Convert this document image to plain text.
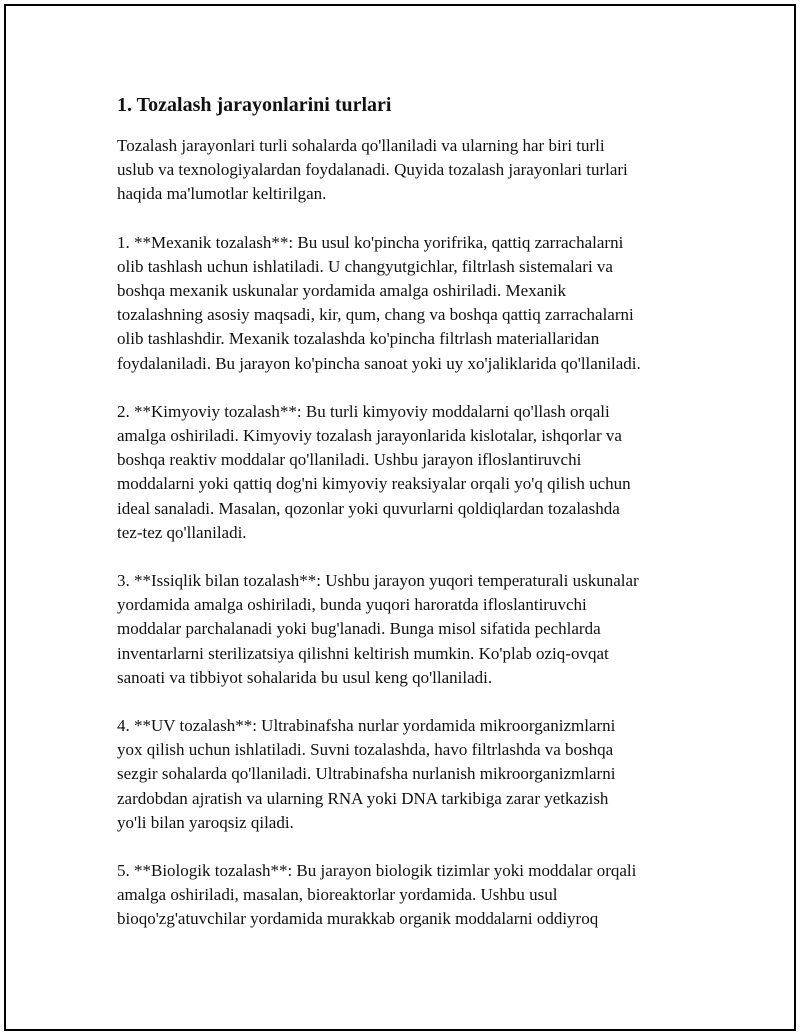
1. Tozalash jarayonlarini turlari

Tozalash jarayonlari turli sohalarda qo'llaniladi va ularning har biri turli
uslub va texnologiyalardan foydalanadi. Quyida tozalash jarayonlari turlari
haqida ma'lumotlar keltirilgan.

1. **Mexanik tozalash**: Bu usul ko'pincha yorifrika, qattiq zarrachalarni
olib tashlash uchun ishlatiladi. U changyutgichlar, filtrlash sistemalari va
boshqa mexanik uskunalar yordamida amalga oshiriladi. Mexanik
tozalashning asosiy maqsadi, kir, qum, chang va boshqa qattiq zarrachalarni
olib tashlashdir. Mexanik tozalashda ko'pincha filtrlash materiallaridan
foydalaniladi. Bu jarayon ko'pincha sanoat yoki uy xo'jaliklarida qo'llaniladi.

2. **Kimyoviy tozalash**: Bu turli kimyoviy moddalarni qo'llash orqali
amalga oshiriladi. Kimyoviy tozalash jarayonlarida kislotalar, ishqorlar va
boshqa reaktiv moddalar qo'llaniladi. Ushbu jarayon ifloslantiruvchi
moddalarni yoki qattiq dog'ni kimyoviy reaksiyalar orqali yo'q qilish uchun
ideal sanaladi. Masalan, qozonlar yoki quvurlarni qoldiqlardan tozalashda
tez-tez qo'llaniladi.

3. **Issiqlik bilan tozalash**: Ushbu jarayon yuqori temperaturali uskunalar
yordamida amalga oshiriladi, bunda yuqori haroratda ifloslantiruvchi
moddalar parchalanadi yoki bug'lanadi. Bunga misol sifatida pechlarda
inventarlarni sterilizatsiya qilishni keltirish mumkin. Ko'plab oziq-ovqat
sanoati va tibbiyot sohalarida bu usul keng qo'llaniladi.

4. **UV tozalash**: Ultrabinafsha nurlar yordamida mikroorganizmlarni
yox qilish uchun ishlatiladi. Suvni tozalashda, havo filtrlashda va boshqa
sezgir sohalarda qo'llaniladi. Ultrabinafsha nurlanish mikroorganizmlarni
zardobdan ajratish va ularning RNA yoki DNA tarkibiga zarar yetkazish
yo'li bilan yaroqsiz qiladi.

5. **Biologik tozalash**: Bu jarayon biologik tizimlar yoki moddalar orqali
amalga oshiriladi, masalan, bioreaktorlar yordamida. Ushbu usul
bioqo'zg'atuvchilar yordamida murakkab organik moddalarni oddiyroq
